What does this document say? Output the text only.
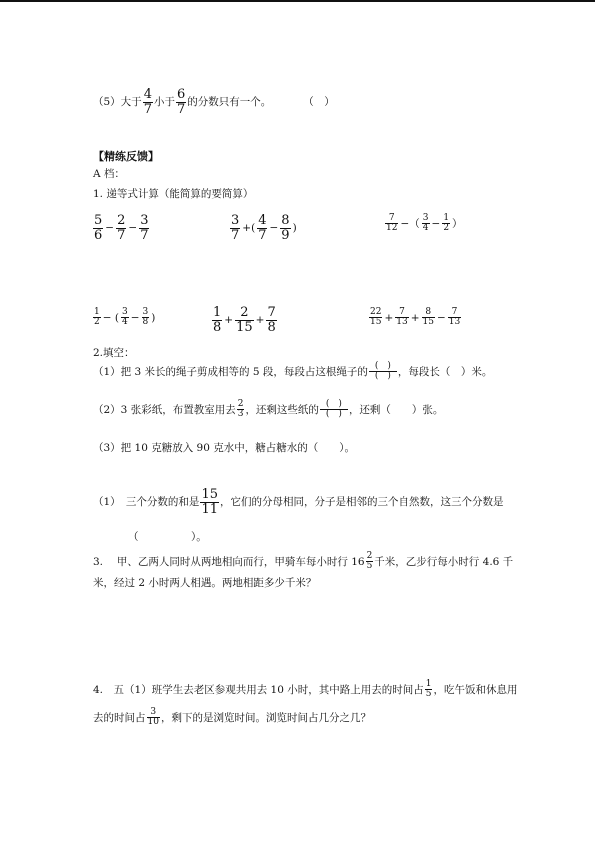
（5）大于 $\frac{4}{7}$ 小于 $\frac{6}{7}$ 的分数只有一个。	（　）
【精练反馈】
A 档：
1. 递等式计算（能简算的要简算）
$\frac{5}{6} - \frac{2}{7} - \frac{3}{7}$	$\frac{3}{7}$ +( $\frac{4}{7} - \frac{8}{9}$ )	$\frac{7}{12}$ −（ $\frac{3}{4} - \frac{1}{2}$ ）
$\frac{1}{2}$ − ( $\frac{3}{4} - \frac{3}{8}$ )	$\frac{1}{8} + \frac{2}{15} + \frac{7}{8}$	$\frac{22}{15} + \frac{7}{13} + \frac{8}{15} - \frac{7}{13}$
2.填空：
（1）把 3 米长的绳子剪成相等的 5 段，每段占这根绳子的 $\frac{( )}{( )}$ ，每段长（　）米。
（2）3 张彩纸，布置教室用去 $\frac{2}{3}$ ，还剩这些纸的 $\frac{( )}{( )}$ ，还剩（　　）张。
（3）把 10 克糖放入 90 克水中，糖占糖水的（　　）。
（1）　三个分数的和是 $\frac{15}{11}$ ，它们的分母相同，分子是相邻的三个自然数，这三个分数是
（　　　　　）。
3.　 甲、乙两人同时从两地相向而行，甲骑车每小时行 $16 \frac{2}{5}$ 千米，乙步行每小时行 4.6 千
米，经过 2 小时两人相遇。两地相距多少千米？
4.　五（1）班学生去老区参观共用去 10 小时，其中路上用去的时间占 $\frac{1}{5}$ ，吃午饭和休息用
去的时间占 $\frac{3}{10}$ ，剩下的是浏览时间。浏览时间占几分之几？
